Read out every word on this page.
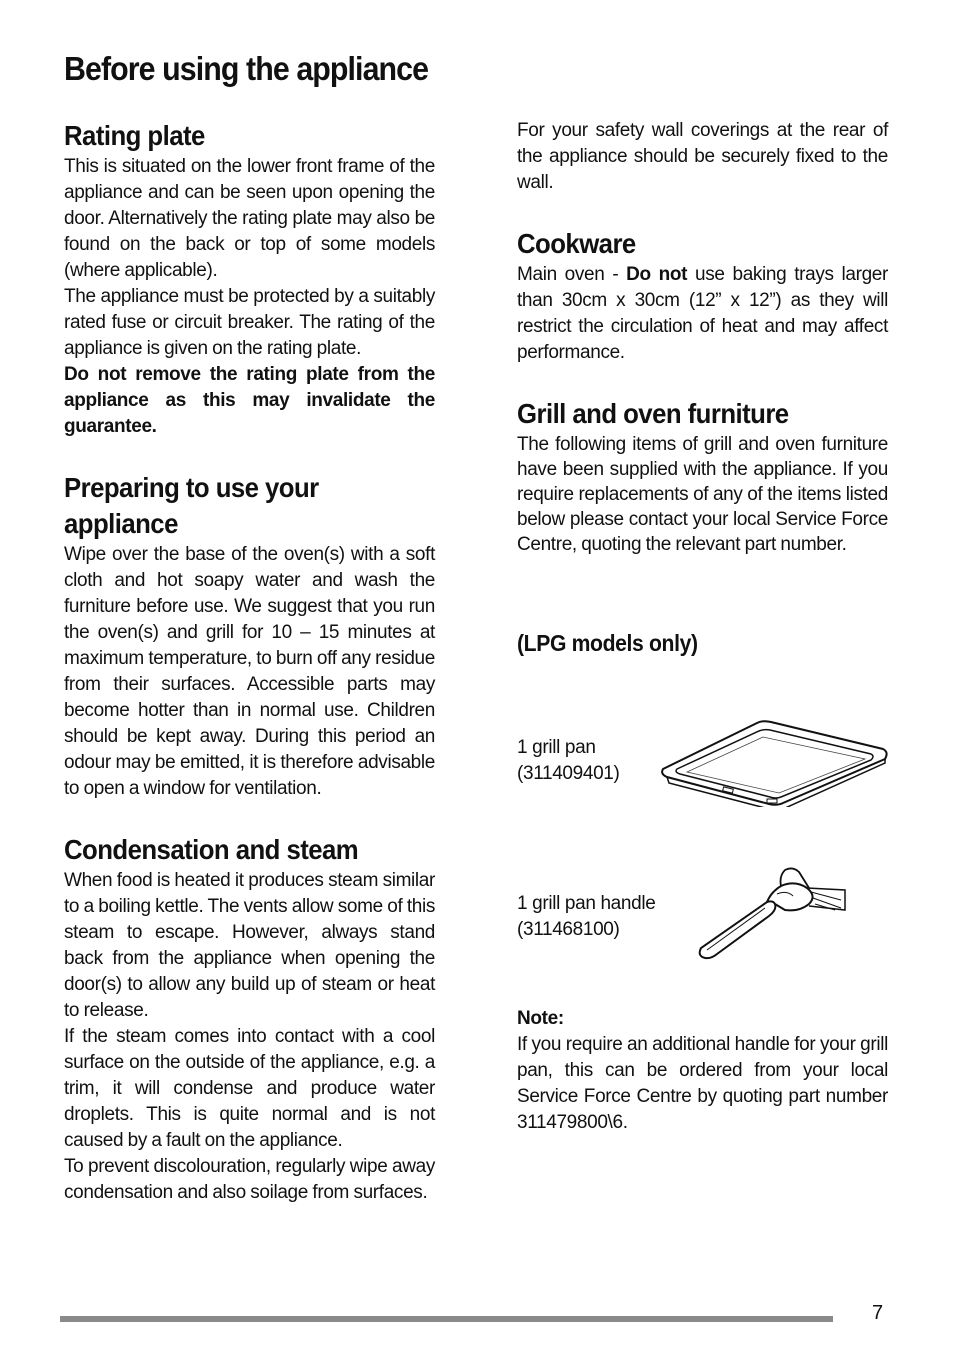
Before using the appliance
Rating plate

This is situated on the lower front frame of the appliance and can be seen upon opening the door. Alternatively the rating plate may also be found on the back or top of some models (where applicable).

The appliance must be protected by a suitably rated fuse or circuit breaker. The rating of the appliance is given on the rating plate.

Do not remove the rating plate from the appliance as this may invalidate the guarantee.

Preparing to use your appliance

Wipe over the base of the oven(s) with a soft cloth and hot soapy water and wash the furniture before use. We suggest that you run the oven(s) and grill for 10 – 15 minutes at maximum temperature, to burn off any residue from their surfaces. Accessible parts may become hotter than in normal use. Children should be kept away. During this period an odour may be emitted, it is therefore advisable to open a window for ventilation.

Condensation and steam

When food is heated it produces steam similar to a boiling kettle. The vents allow some of this steam to escape. However, always stand back from the appliance when opening the door(s) to allow any build up of steam or heat to release.

If the steam comes into contact with a cool surface on the outside of the appliance, e.g. a trim, it will condense and produce water droplets. This is quite normal and is not caused by a fault on the appliance.

To prevent discolouration, regularly wipe away condensation and also soilage from surfaces.

For your safety wall coverings at the rear of the appliance should be securely fixed to the wall.

Cookware

Main oven - Do not use baking trays larger than 30cm x 30cm (12” x 12”) as they will restrict the circulation of heat and may affect performance.

Grill and oven furniture

The following items of grill and oven furniture have been supplied with the appliance. If you require replacements of any of the items listed below please contact your local Service Force Centre, quoting the relevant part number.

(LPG models only)
1 grill pan
(311409401)
1 grill pan handle
(311468100)

Note:

If you require an additional handle for your grill pan, this can be ordered from your local Service Force Centre by quoting part number 311479800\6.

7
